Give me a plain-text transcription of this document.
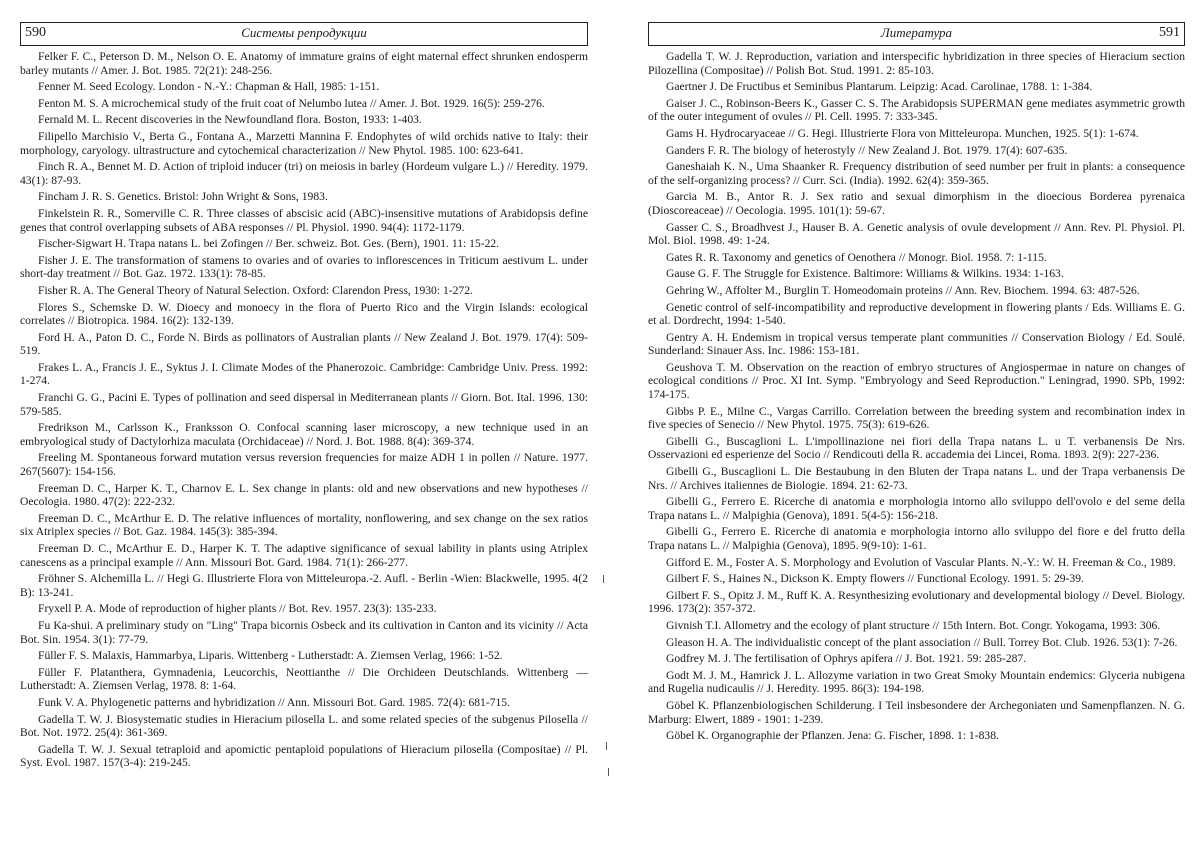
590	Системы репродукции

Felker F. C., Peterson D. M., Nelson O. E. Anatomy of immature grains of eight maternal effect shrunken endosperm barley mutants // Amer. J. Bot. 1985. 72(21): 248-256.

Fenner M. Seed Ecology. London - N.-Y.: Chapman & Hall, 1985: 1-151.

Fenton M. S. A microchemical study of the fruit coat of Nelumbo lutea // Amer. J. Bot. 1929. 16(5): 259-276.

Fernald M. L. Recent discoveries in the Newfoundland flora. Boston, 1933: 1-403.

Filipello Marchisio V., Berta G., Fontana A., Marzetti Mannina F. Endophytes of wild orchids native to Italy: their morphology, caryology. ultrastructure and cytochemical characterization // New Phytol. 1985. 100: 623-641.

Finch R. A., Bennet M. D. Action of triploid inducer (tri) on meiosis in barley (Hordeum vulgare L.) // Heredity. 1979. 43(1): 87-93.

Fincham J. R. S. Genetics. Bristol: John Wright & Sons, 1983.

Finkelstein R. R., Somerville C. R. Three classes of abscisic acid (ABC)-insensitive mutations of Arabidopsis define genes that control overlapping subsets of ABA responses // Pl. Physiol. 1990. 94(4): 1172-1179.

Fischer-Sigwart H. Trapa natans L. bei Zofingen // Ber. schweiz. Bot. Ges. (Bern), 1901. 11: 15-22.

Fisher J. E. The transformation of stamens to ovaries and of ovaries to inflorescences in Triticum aestivum L. under short-day treatment // Bot. Gaz. 1972. 133(1): 78-85.

Fisher R. A. The General Theory of Natural Selection. Oxford: Clarendon Press, 1930: 1-272.

Flores S., Schemske D. W. Dioecy and monoecy in the flora of Puerto Rico and the Virgin Islands: ecological correlates // Biotropica. 1984. 16(2): 132-139.

Ford H. A., Paton D. C., Forde N. Birds as pollinators of Australian plants // New Zealand J. Bot. 1979. 17(4): 509-519.

Frakes L. A., Francis J. E., Syktus J. I. Climate Modes of the Phanerozoic. Cambridge: Cambridge Univ. Press. 1992: 1-274.

Franchi G. G., Pacini E. Types of pollination and seed dispersal in Mediterranean plants // Giorn. Bot. Ital. 1996. 130: 579-585.

Fredrikson M., Carlsson K., Franksson O. Confocal scanning laser microscopy, a new technique used in an embryological study of Dactylorhiza maculata (Orchidaceae) // Nord. J. Bot. 1988. 8(4): 369-374.

Freeling M. Spontaneous forward mutation versus reversion frequencies for maize ADH 1 in pollen // Nature. 1977. 267(5607): 154-156.

Freeman D. C., Harper K. T., Charnov E. L. Sex change in plants: old and new observations and new hypotheses // Oecologia. 1980. 47(2): 222-232.

Freeman D. C., McArthur E. D. The relative influences of mortality, nonflowering, and sex change on the sex ratios six Atriplex species // Bot. Gaz. 1984. 145(3): 385-394.

Freeman D. C., McArthur E. D., Harper K. T. The adaptive significance of sexual lability in plants using Atriplex canescens as a principal example // Ann. Missouri Bot. Gard. 1984. 71(1): 266-277.

Fröhner S. Alchemilla L. // Hegi G. Illustrierte Flora von Mitteleuropa.-2. Aufl. - Berlin -Wien: Blackwelle, 1995. 4(2 B): 13-241.

Fryxell P. A. Mode of reproduction of higher plants // Bot. Rev. 1957. 23(3): 135-233.

Fu Ka-shui. A preliminary study on "Ling" Trapa bicornis Osbeck and its cultivation in Canton and its vicinity // Acta Bot. Sin. 1954. 3(1): 77-79.

Füller F. S. Malaxis, Hammarbya, Liparis. Wittenberg - Lutherstadt: A. Ziemsen Verlag, 1966: 1-52.

Füller F. Platanthera, Gymnadenia, Leucorchis, Neottianthe // Die Orchideen Deutschlands. Wittenberg — Lutherstadt: A. Ziemsen Verlag, 1978. 8: 1-64.

Funk V. A. Phylogenetic patterns and hybridization // Ann. Missouri Bot. Gard. 1985. 72(4): 681-715.

Gadella T. W. J. Biosystematic studies in Hieracium pilosella L. and some related species of the subgenus Pilosella // Bot. Not. 1972. 25(4): 361-369.

Gadella T. W. J. Sexual tetraploid and apomictic pentaploid populations of Hieracium pilosella (Compositae) // Pl. Syst. Evol. 1987. 157(3-4): 219-245.

Литература	591

Gadella T. W. J. Reproduction, variation and interspecific hybridization in three species of Hieracium section Pilozellina (Compositae) // Polish Bot. Stud. 1991. 2: 85-103.

Gaertner J. De Fructibus et Seminibus Plantarum. Leipzig: Acad. Carolinae, 1788. 1: 1-384.

Gaiser J. C., Robinson-Beers K., Gasser C. S. The Arabidopsis SUPERMAN gene mediates asymmetric growth of the outer integument of ovules // Pl. Cell. 1995. 7: 333-345.

Gams H. Hydrocaryaceae // G. Hegi. Illustrierte Flora von Mitteleuropa. Munchen, 1925. 5(1): 1-674.

Ganders F. R. The biology of heterostyly // New Zealand J. Bot. 1979. 17(4): 607-635.

Ganeshaiah K. N., Uma Shaanker R. Frequency distribution of seed number per fruit in plants: a consequence of the self-organizing process? // Curr. Sci. (India). 1992. 62(4): 359-365.

Garcia M. B., Antor R. J. Sex ratio and sexual dimorphism in the dioecious Borderea pyrenaica (Dioscoreaceae) // Oecologia. 1995. 101(1): 59-67.

Gasser C. S., Broadhvest J., Hauser B. A. Genetic analysis of ovule development // Ann. Rev. Pl. Physiol. Pl. Mol. Biol. 1998. 49: 1-24.

Gates R. R. Taxonomy and genetics of Oenothera // Monogr. Biol. 1958. 7: 1-115.

Gause G. F. The Struggle for Existence. Baltimore: Williams & Wilkins. 1934: 1-163.

Gehring W., Affolter M., Burglin T. Homeodomain proteins // Ann. Rev. Biochem. 1994. 63: 487-526.

Genetic control of self-incompatibility and reproductive development in flowering plants / Eds. Williams E. G. et al. Dordrecht, 1994: 1-540.

Gentry A. H. Endemism in tropical versus temperate plant communities // Conservation Biology / Ed. Soulé. Sunderland: Sinauer Ass. Inc. 1986: 153-181.

Geushova T. M. Observation on the reaction of embryo structures of Angiospermae in nature on changes of ecological conditions // Proc. XI Int. Symp. "Embryology and Seed Reproduction." Leningrad, 1990. SPb, 1992: 174-175.

Gibbs P. E., Milne C., Vargas Carrillo. Correlation between the breeding system and recombination index in five species of Senecio // New Phytol. 1975. 75(3): 619-626.

Gibelli G., Buscaglioni L. L'impollinazione nei fiori della Trapa natans L. u T. verbanensis De Nrs. Osservazioni ed esperienze del Socio // Rendicouti della R. accademia dei Lincei, Roma. 1893. 2(9): 227-236.

Gibelli G., Buscaglioni L. Die Bestaubung in den Bluten der Trapa natans L. und der Trapa verbanensis De Nrs. // Archives italiennes de Biologie. 1894. 21: 62-73.

Gibelli G., Ferrero E. Ricerche di anatomia e morphologia intorno allo sviluppo dell'ovolo e del seme della Trapa natans L. // Malpighia (Genova), 1891. 5(4-5): 156-218.

Gibelli G., Ferrero E. Ricerche di anatomia e morphologia intorno allo sviluppo del fiore e del frutto della Trapa natans L. // Malpighia (Genova), 1895. 9(9-10): 1-61.

Gifford E. M., Foster A. S. Morphology and Evolution of Vascular Plants. N.-Y.: W. H. Freeman & Co., 1989.

Gilbert F. S., Haines N., Dickson K. Empty flowers // Functional Ecology. 1991. 5: 29-39.

Gilbert F. S., Opitz J. M., Ruff K. A. Resynthesizing evolutionary and developmental biology // Devel. Biology. 1996. 173(2): 357-372.

Givnish T.I. Allometry and the ecology of plant structure // 15th Intern. Bot. Congr. Yokogama, 1993: 306.

Gleason H. A. The individualistic concept of the plant association // Bull. Torrey Bot. Club. 1926. 53(1): 7-26.

Godfrey M. J. The fertilisation of Ophrys apifera // J. Bot. 1921. 59: 285-287.

Godt M. J. M., Hamrick J. L. Allozyme variation in two Great Smoky Mountain endemics: Glyceria nubigena and Rugelia nudicaulis // J. Heredity. 1995. 86(3): 194-198.

Göbel K. Pflanzenbiologischen Schilderung. I Teil insbesondere der Archegoniaten und Samenpflanzen. N. G. Marburg: Elwert, 1889 - 1901: 1-239.

Göbel K. Organographie der Pflanzen. Jena: G. Fischer, 1898. 1: 1-838.
